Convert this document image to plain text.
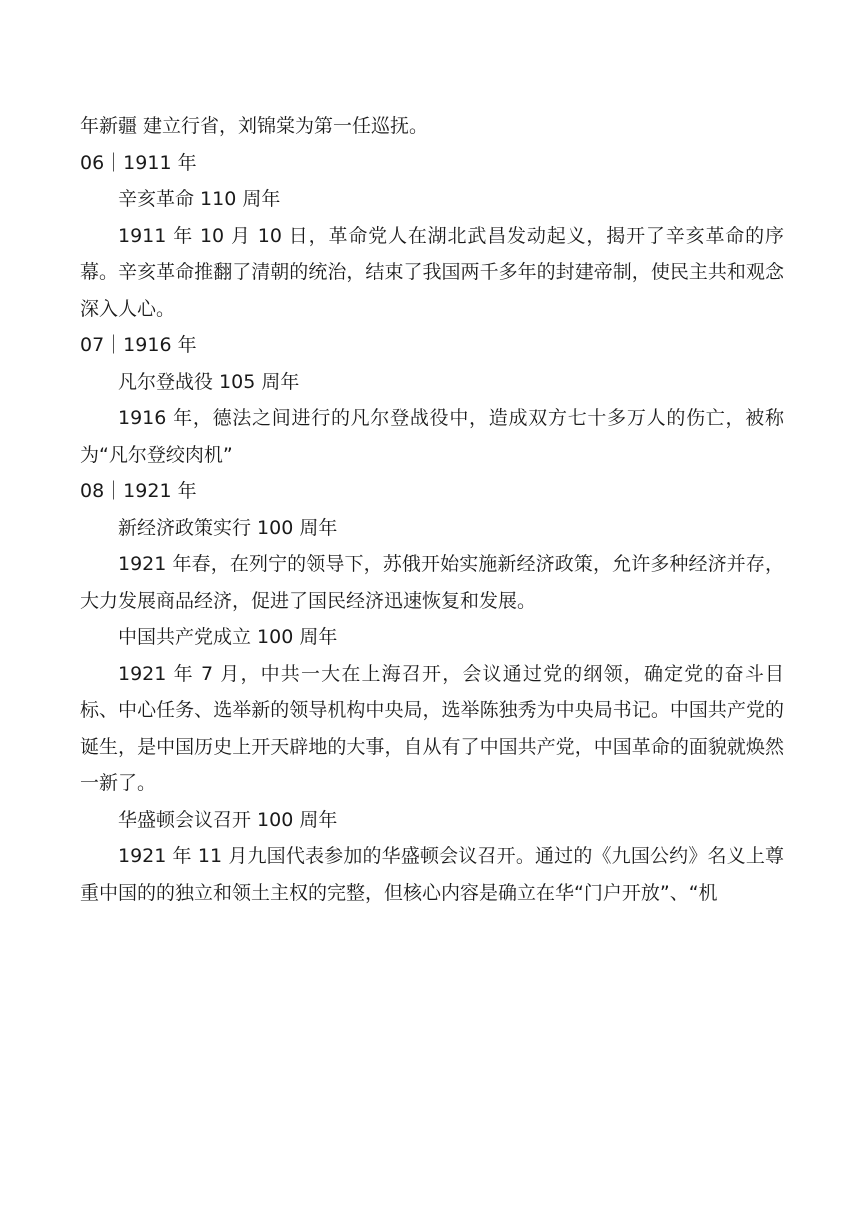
年新疆 建立行省，刘锦棠为第一任巡抚。

06｜1911 年

辛亥革命 110 周年

1911 年 10 月 10 日，革命党人在湖北武昌发动起义，揭开了辛亥革命的序幕。辛亥革命推翻了清朝的统治，结束了我国两千多年的封建帝制，使民主共和观念深入人心。

07｜1916 年

凡尔登战役 105 周年

1916 年，德法之间进行的凡尔登战役中，造成双方七十多万人的伤亡，被称为“凡尔登绞肉机”

08｜1921 年

新经济政策实行 100 周年

1921 年春，在列宁的领导下，苏俄开始实施新经济政策，允许多种经济并存，大力发展商品经济，促进了国民经济迅速恢复和发展。

中国共产党成立 100 周年

1921 年 7 月，中共一大在上海召开，会议通过党的纲领，确定党的奋斗目标、中心任务、选举新的领导机构中央局，选举陈独秀为中央局书记。中国共产党的诞生，是中国历史上开天辟地的大事，自从有了中国共产党，中国革命的面貌就焕然一新了。

华盛顿会议召开 100 周年

1921 年 11 月九国代表参加的华盛顿会议召开。通过的《九国公约》名义上尊重中国的的独立和领土主权的完整，但核心内容是确立在华“门户开放”、“机
